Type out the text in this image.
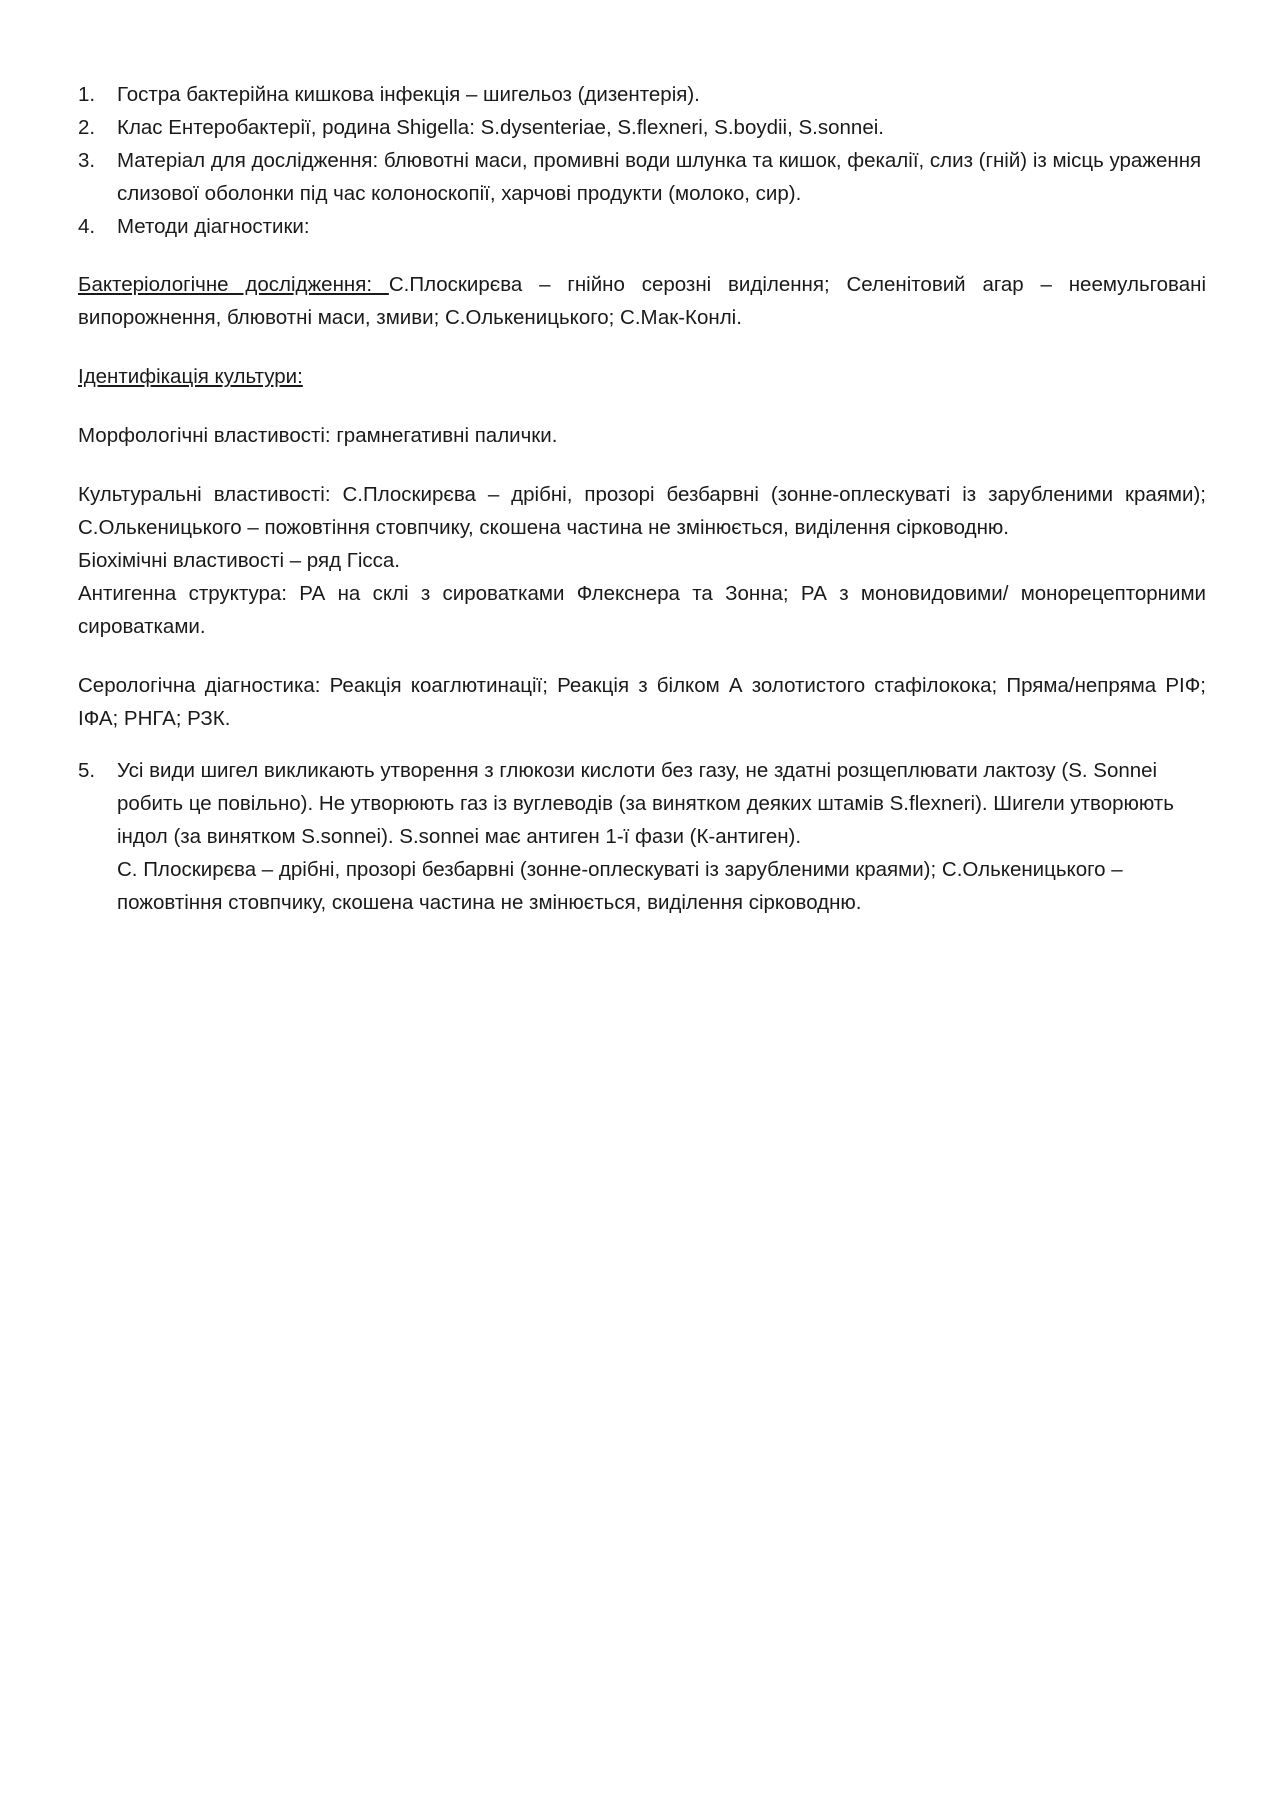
1.	Гостра бактерійна кишкова інфекція – шигельоз (дизентерія).
2.	Клас Ентеробактерії, родина Shigella: S.dysenteriae, S.flexneri, S.boydii, S.sonnei.
3.	Матеріал для дослідження: блювотні маси, промивні води шлунка та кишок, фекалії, слиз (гній) із місць ураження слизової оболонки під час колоноскопії, харчові продукти (молоко, сир).
4.	Методи діагностики:
Бактеріологічне дослідження: С.Плоскирєва – гнійно серозні виділення; Селенітовий агар – неемульговані випорожнення, блювотні маси, змиви; С.Олькеницького; С.Мак-Конлі.
Ідентифікація культури:
Морфологічні властивості: грамнегативні палички.
Культуральні властивості: С.Плоскирєва – дрібні, прозорі безбарвні (зонне-оплескуваті із зарубленими краями); С.Олькеницького – пожовтіння стовпчику, скошена частина не змінюється, виділення сірководню.
Біохімічні властивості – ряд Гісса.
Антигенна структура: РА на склі з сироватками Флекснера та Зонна; РА з моновидовими/ монорецепторними сироватками.
Серологічна діагностика: Реакція коаглютинації; Реакція з білком А золотистого стафілокока; Пряма/непряма РІФ; ІФА; РНГА; РЗК.
5.	Усі види шигел викликають утворення з глюкози кислоти без газу, не здатні розщеплювати лактозу (S. Sonnei робить це повільно). Не утворюють газ із вуглеводів (за винятком деяких штамів S.flexneri). Шигели утворюють індол (за винятком S.sonnei). S.sonnei має антиген 1-ї фази (К-антиген).
С. Плоскирєва – дрібні, прозорі безбарвні (зонне-оплескуваті із зарубленими краями); С.Олькеницького – пожовтіння стовпчику, скошена частина не змінюється, виділення сірководню.
